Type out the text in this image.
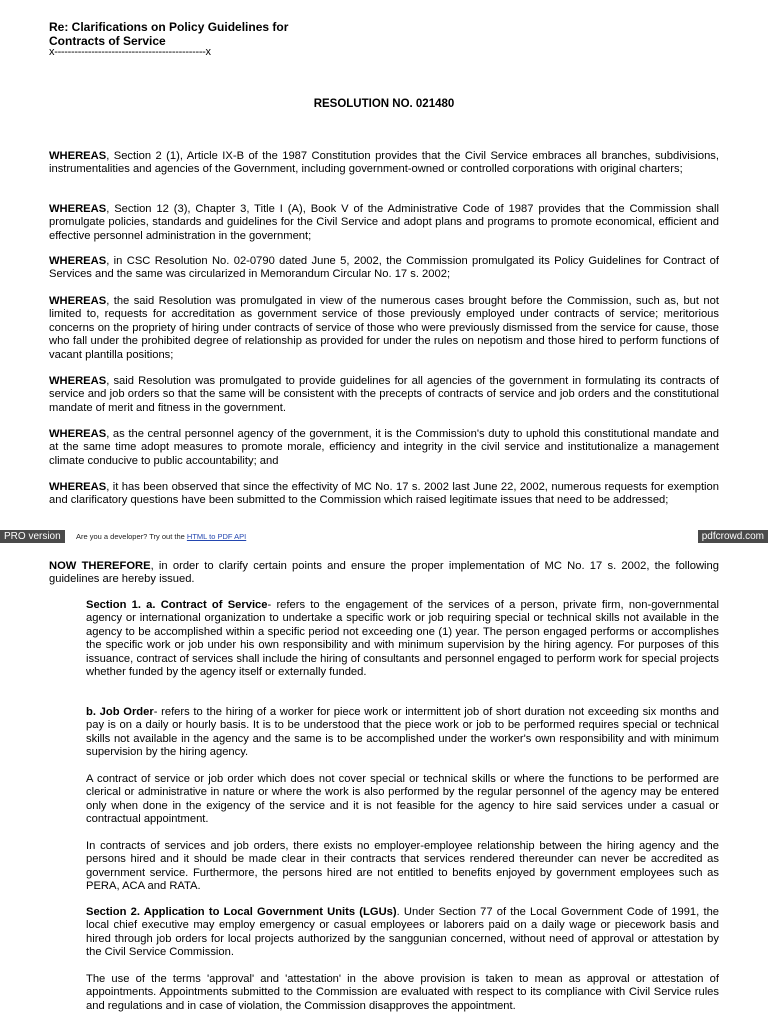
Re: Clarifications on Policy Guidelines for
Contracts of Service
x---------------------------------------------x
RESOLUTION NO. 021480
WHEREAS, Section 2 (1), Article IX-B of the 1987 Constitution provides that the Civil Service embraces all branches, subdivisions, instrumentalities and agencies of the Government, including government-owned or controlled corporations with original charters;
WHEREAS, Section 12 (3), Chapter 3, Title I (A), Book V of the Administrative Code of 1987 provides that the Commission shall promulgate policies, standards and guidelines for the Civil Service and adopt plans and programs to promote economical, efficient and effective personnel administration in the government;
WHEREAS, in CSC Resolution No. 02-0790 dated June 5, 2002, the Commission promulgated its Policy Guidelines for Contract of Services and the same was circularized in Memorandum Circular No. 17 s. 2002;
WHEREAS, the said Resolution was promulgated in view of the numerous cases brought before the Commission, such as, but not limited to, requests for accreditation as government service of those previously employed under contracts of service; meritorious concerns on the propriety of hiring under contracts of service of those who were previously dismissed from the service for cause, those who fall under the prohibited degree of relationship as provided for under the rules on nepotism and those hired to perform functions of vacant plantilla positions;
WHEREAS, said Resolution was promulgated to provide guidelines for all agencies of the government in formulating its contracts of service and job orders so that the same will be consistent with the precepts of contracts of service and job orders and the constitutional mandate of merit and fitness in the government.
WHEREAS, as the central personnel agency of the government, it is the Commission's duty to uphold this constitutional mandate and at the same time adopt measures to promote morale, efficiency and integrity in the civil service and institutionalize a management climate conducive to public accountability; and
WHEREAS, it has been observed that since the effectivity of MC No. 17 s. 2002 last June 22, 2002, numerous requests for exemption and clarificatory questions have been submitted to the Commission which raised legitimate issues that need to be addressed;
PRO version	Are you a developer? Try out the HTML to PDF API	pdfcrowd.com
NOW THEREFORE, in order to clarify certain points and ensure the proper implementation of MC No. 17 s. 2002, the following guidelines are hereby issued.
Section 1. a. Contract of Service- refers to the engagement of the services of a person, private firm, non-governmental agency or international organization to undertake a specific work or job requiring special or technical skills not available in the agency to be accomplished within a specific period not exceeding one (1) year. The person engaged performs or accomplishes the specific work or job under his own responsibility and with minimum supervision by the hiring agency. For purposes of this issuance, contract of services shall include the hiring of consultants and personnel engaged to perform work for special projects whether funded by the agency itself or externally funded.
b. Job Order- refers to the hiring of a worker for piece work or intermittent job of short duration not exceeding six months and pay is on a daily or hourly basis. It is to be understood that the piece work or job to be performed requires special or technical skills not available in the agency and the same is to be accomplished under the worker's own responsibility and with minimum supervision by the hiring agency.
A contract of service or job order which does not cover special or technical skills or where the functions to be performed are clerical or administrative in nature or where the work is also performed by the regular personnel of the agency may be entered only when done in the exigency of the service and it is not feasible for the agency to hire said services under a casual or contractual appointment.
In contracts of services and job orders, there exists no employer-employee relationship between the hiring agency and the persons hired and it should be made clear in their contracts that services rendered thereunder can never be accredited as government service. Furthermore, the persons hired are not entitled to benefits enjoyed by government employees such as PERA, ACA and RATA.
Section 2. Application to Local Government Units (LGUs). Under Section 77 of the Local Government Code of 1991, the local chief executive may employ emergency or casual employees or laborers paid on a daily wage or piecework basis and hired through job orders for local projects authorized by the sanggunian concerned, without need of approval or attestation by the Civil Service Commission.
The use of the terms 'approval' and 'attestation' in the above provision is taken to mean as approval or attestation of appointments. Appointments submitted to the Commission are evaluated with respect to its compliance with Civil Service rules and regulations and in case of violation, the Commission disapproves the appointment.
